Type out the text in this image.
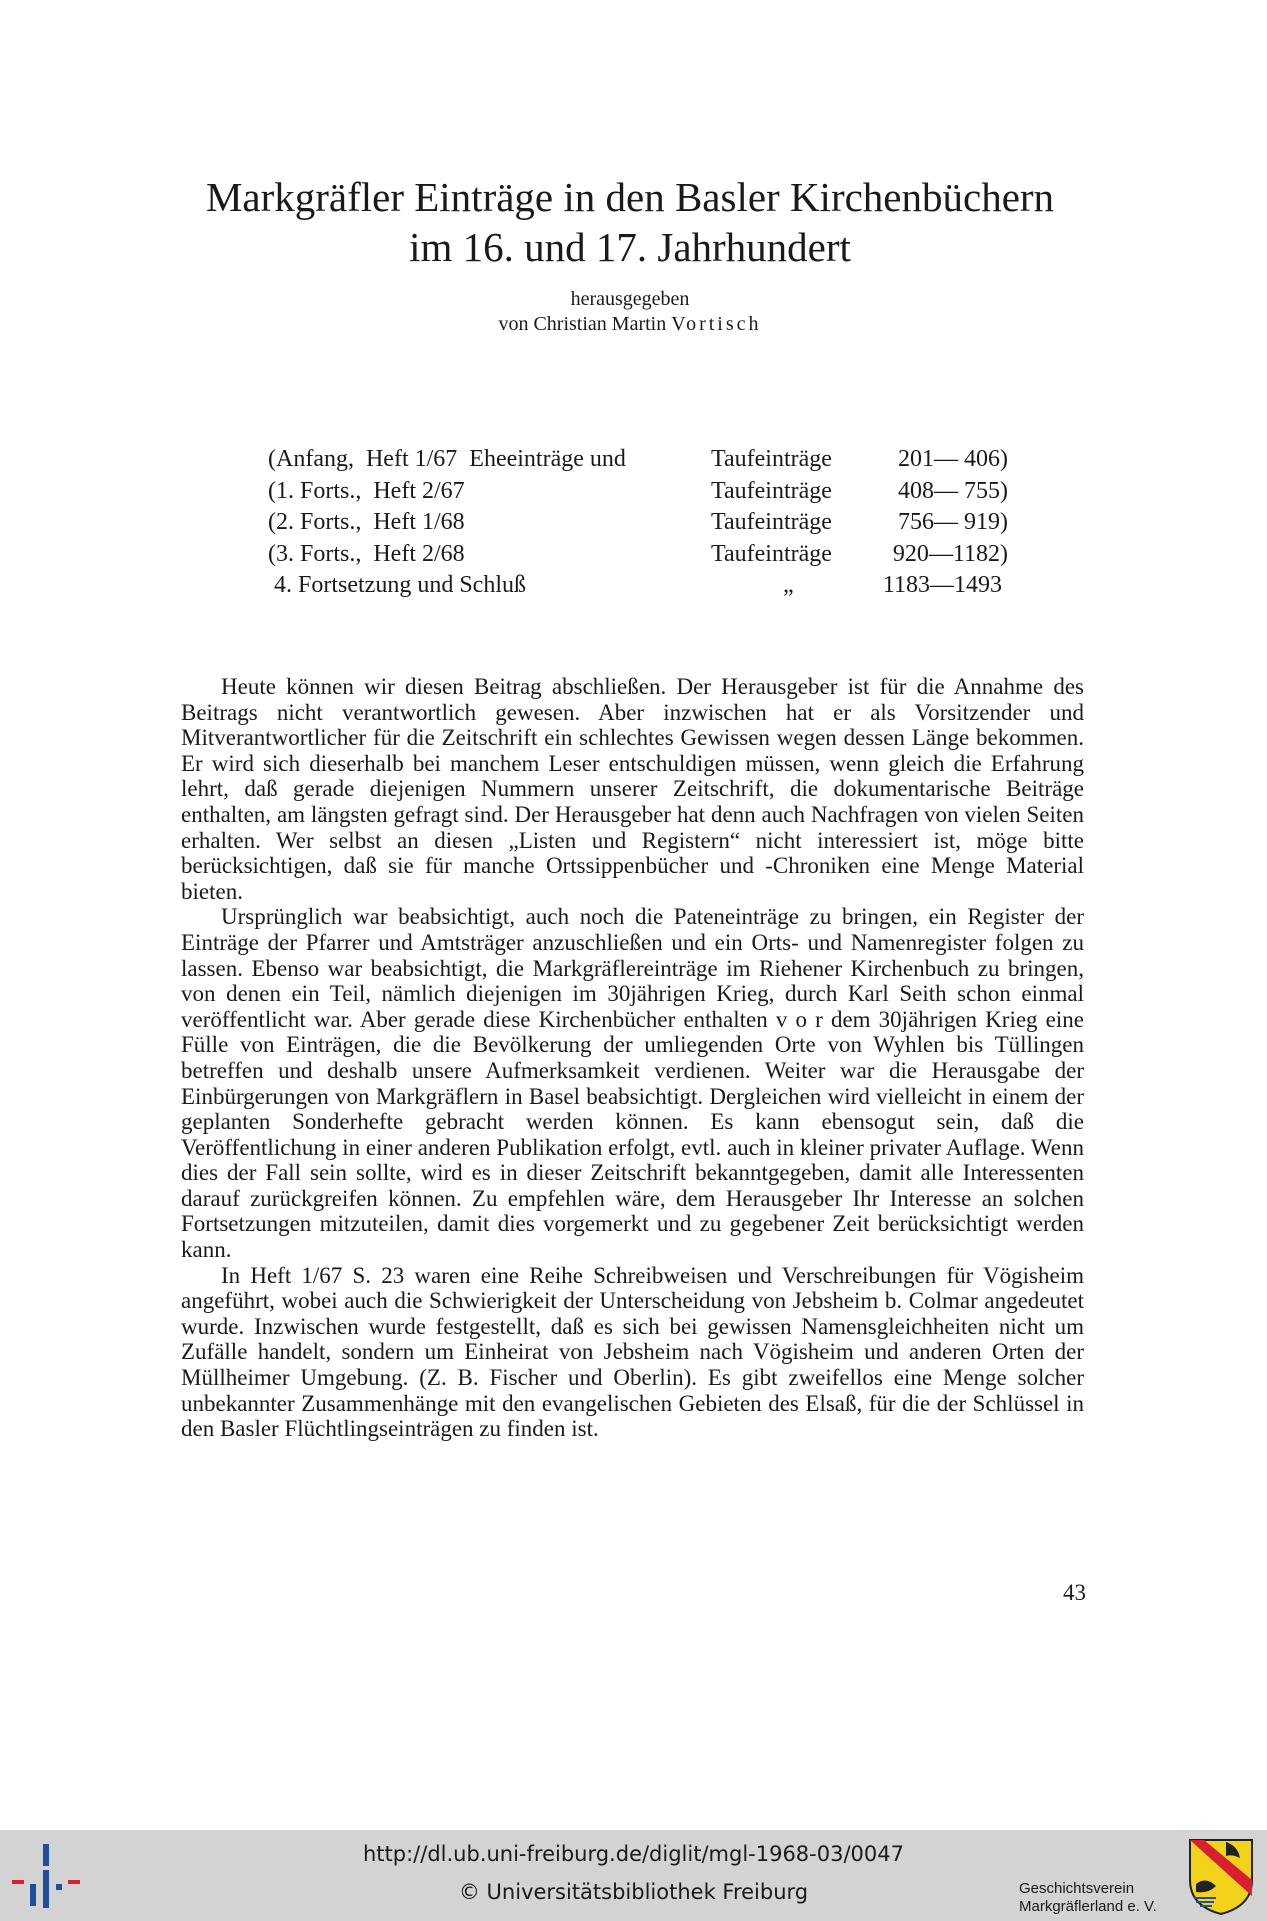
Markgräfler Einträge in den Basler Kirchenbüchern
im 16. und 17. Jahrhundert
herausgegeben
von Christian Martin Vortisch
(Anfang,  Heft 1/67  Eheeinträge und	Taufeinträge	201— 406)
(1. Forts.,  Heft 2/67	Taufeinträge	408— 755)
(2. Forts.,  Heft 1/68	Taufeinträge	756— 919)
(3. Forts.,  Heft 2/68	Taufeinträge	920—1182)
4. Fortsetzung und Schluß	„	1183—1493

Heute können wir diesen Beitrag abschließen. Der Herausgeber ist für die Annahme des Beitrags nicht verantwortlich gewesen. Aber inzwischen hat er als Vorsitzender und Mitverantwortlicher für die Zeitschrift ein schlechtes Gewissen wegen dessen Länge bekommen. Er wird sich dieserhalb bei manchem Leser entschuldigen müssen, wenn gleich die Erfahrung lehrt, daß gerade diejenigen Nummern unserer Zeitschrift, die dokumentarische Beiträge enthalten, am längsten gefragt sind. Der Herausgeber hat denn auch Nachfragen von vielen Seiten erhalten. Wer selbst an diesen „Listen und Registern“ nicht interessiert ist, möge bitte berücksichtigen, daß sie für manche Ortssippenbücher und -Chroniken eine Menge Material bieten.

Ursprünglich war beabsichtigt, auch noch die Pateneinträge zu bringen, ein Register der Einträge der Pfarrer und Amtsträger anzuschließen und ein Orts- und Namenregister folgen zu lassen. Ebenso war beabsichtigt, die Markgräflereinträge im Riehener Kirchenbuch zu bringen, von denen ein Teil, nämlich diejenigen im 30jährigen Krieg, durch Karl Seith schon einmal veröffentlicht war. Aber gerade diese Kirchenbücher enthalten v o r dem 30jährigen Krieg eine Fülle von Einträgen, die die Bevölkerung der umliegenden Orte von Wyhlen bis Tüllingen betreffen und deshalb unsere Aufmerksamkeit verdienen. Weiter war die Herausgabe der Einbürgerungen von Markgräflern in Basel beabsichtigt. Dergleichen wird vielleicht in einem der geplanten Sonderhefte gebracht werden können. Es kann ebensogut sein, daß die Veröffentlichung in einer anderen Publikation erfolgt, evtl. auch in kleiner privater Auflage. Wenn dies der Fall sein sollte, wird es in dieser Zeitschrift bekanntgegeben, damit alle Interessenten darauf zurückgreifen können. Zu empfehlen wäre, dem Herausgeber Ihr Interesse an solchen Fortsetzungen mitzuteilen, damit dies vorgemerkt und zu gegebener Zeit berücksichtigt werden kann.

In Heft 1/67 S. 23 waren eine Reihe Schreibweisen und Verschreibungen für Vögisheim angeführt, wobei auch die Schwierigkeit der Unterscheidung von Jebsheim b. Colmar angedeutet wurde. Inzwischen wurde festgestellt, daß es sich bei gewissen Namensgleichheiten nicht um Zufälle handelt, sondern um Einheirat von Jebsheim nach Vögisheim und anderen Orten der Müllheimer Umgebung. (Z. B. Fischer und Oberlin). Es gibt zweifellos eine Menge solcher unbekannter Zusammenhänge mit den evangelischen Gebieten des Elsaß, für die der Schlüssel in den Basler Flüchtlingseinträgen zu finden ist.

43
http://dl.ub.uni-freiburg.de/diglit/mgl-1968-03/0047
© Universitätsbibliothek Freiburg	Geschichtsverein
Markgräflerland e. V.
